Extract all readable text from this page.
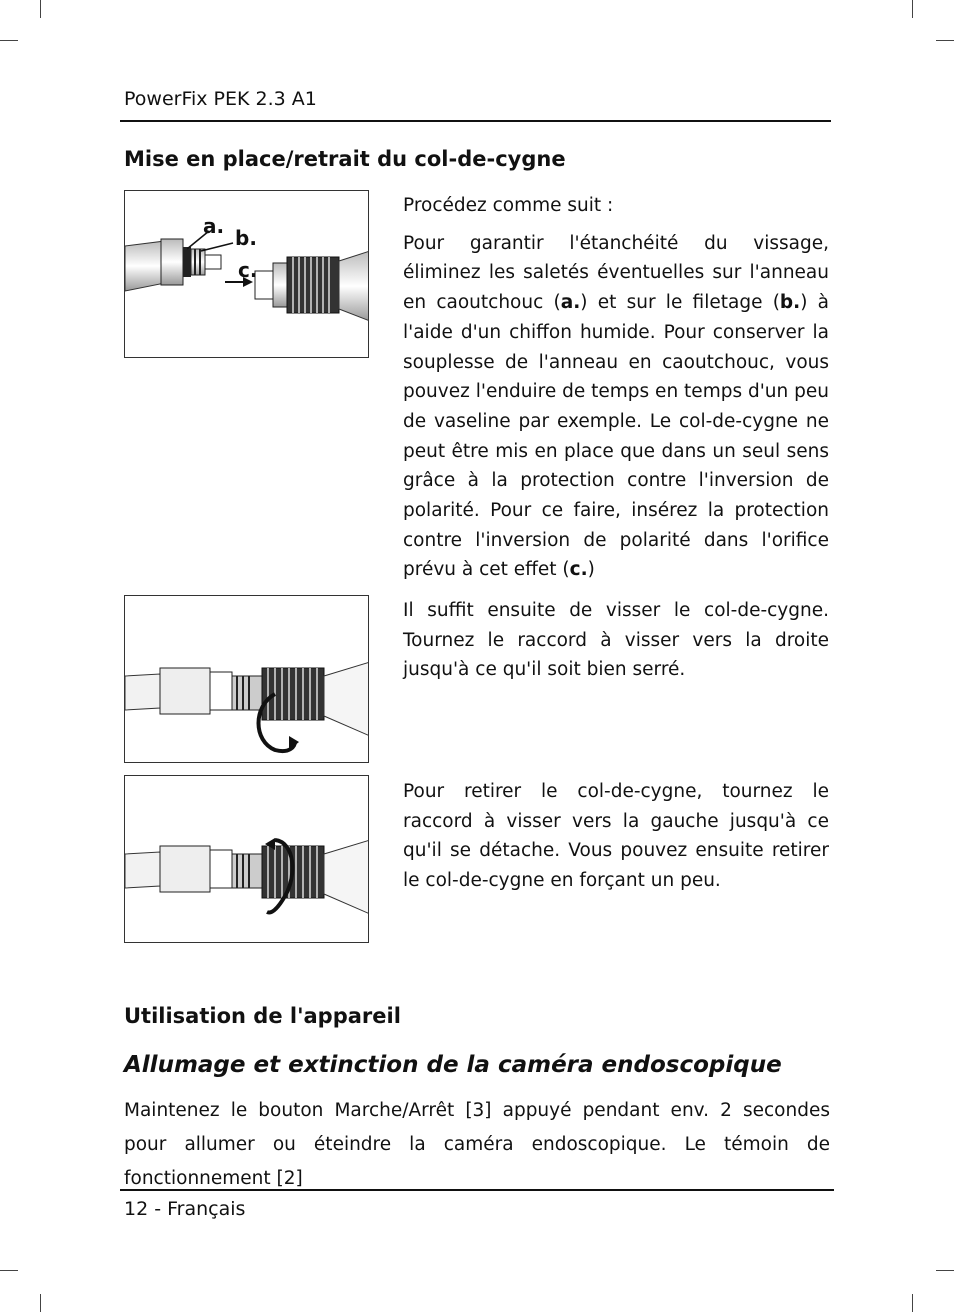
PowerFix PEK 2.3 A1
Mise en place/retrait du col-de-cygne
a. b.
c.

Procédez comme suit :

Pour garantir l'étanchéité du vissage, éliminez les saletés éventuelles sur l'anneau en caoutchouc (a.) et sur le filetage (b.) à l'aide d'un chiffon humide. Pour conserver la souplesse de l'anneau en caoutchouc, vous pouvez l'enduire de temps en temps d'un peu de vaseline par exemple. Le col-de-cygne ne peut être mis en place que dans un seul sens grâce à la protection contre l'inversion de polarité. Pour ce faire, insérez la protection contre l'inversion de polarité dans l'orifice prévu à cet effet (c.)

Il suffit ensuite de visser le col-de-cygne. Tournez le raccord à visser vers la droite jusqu'à ce qu'il soit bien serré.

Pour retirer le col-de-cygne, tournez le raccord à visser vers la gauche jusqu'à ce qu'il se détache. Vous pouvez ensuite retirer le col-de-cygne en forçant un peu.

Utilisation de l'appareil
Allumage et extinction de la caméra endoscopique
Maintenez le bouton Marche/Arrêt [3] appuyé pendant env. 2 secondes pour allumer ou éteindre la caméra endoscopique. Le témoin de fonctionnement [2]
12 - Français
